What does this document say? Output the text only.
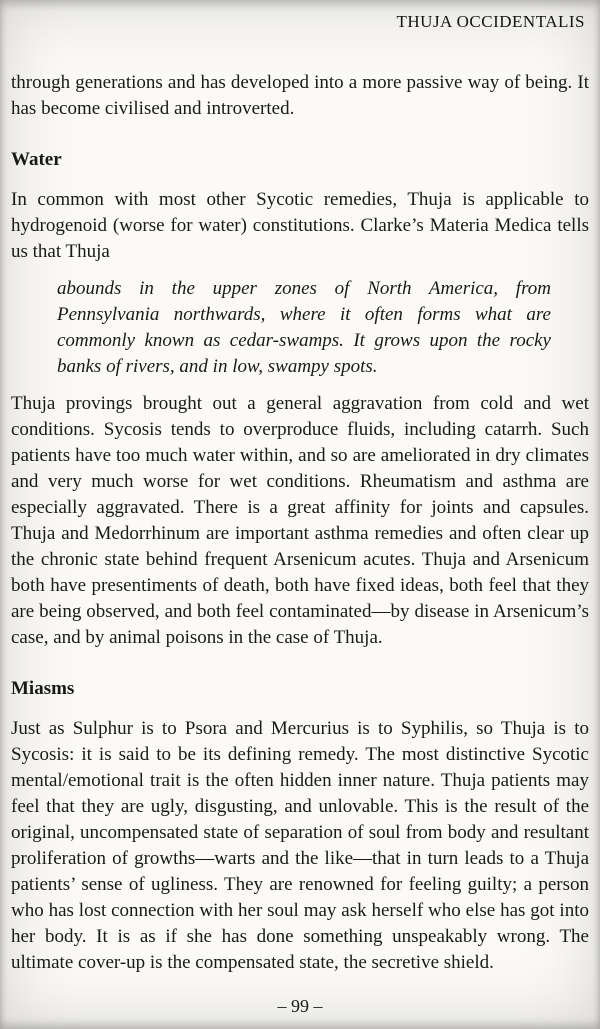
THUJA OCCIDENTALIS

through generations and has developed into a more passive way of being. It has become civilised and introverted.

Water

In common with most other Sycotic remedies, Thuja is applicable to hydrogenoid (worse for water) constitutions. Clarke’s Materia Medica tells us that Thuja

abounds in the upper zones of North America, from Pennsylvania northwards, where it often forms what are commonly known as cedar-swamps. It grows upon the rocky banks of rivers, and in low, swampy spots.

Thuja provings brought out a general aggravation from cold and wet conditions. Sycosis tends to overproduce fluids, including catarrh. Such patients have too much water within, and so are ameliorated in dry climates and very much worse for wet conditions. Rheumatism and asthma are especially aggravated. There is a great affinity for joints and capsules. Thuja and Medorrhinum are important asthma remedies and often clear up the chronic state behind frequent Arsenicum acutes. Thuja and Arsenicum both have presentiments of death, both have fixed ideas, both feel that they are being observed, and both feel contaminated—by disease in Arsenicum’s case, and by animal poisons in the case of Thuja.

Miasms

Just as Sulphur is to Psora and Mercurius is to Syphilis, so Thuja is to Sycosis: it is said to be its defining remedy. The most distinctive Sycotic mental/emotional trait is the often hidden inner nature. Thuja patients may feel that they are ugly, disgusting, and unlovable. This is the result of the original, uncompensated state of separation of soul from body and resultant proliferation of growths—warts and the like—that in turn leads to a Thuja patients’ sense of ugliness. They are renowned for feeling guilty; a person who has lost connection with her soul may ask herself who else has got into her body. It is as if she has done something unspeakably wrong. The ultimate cover-up is the compensated state, the secretive shield.

– 99 –
